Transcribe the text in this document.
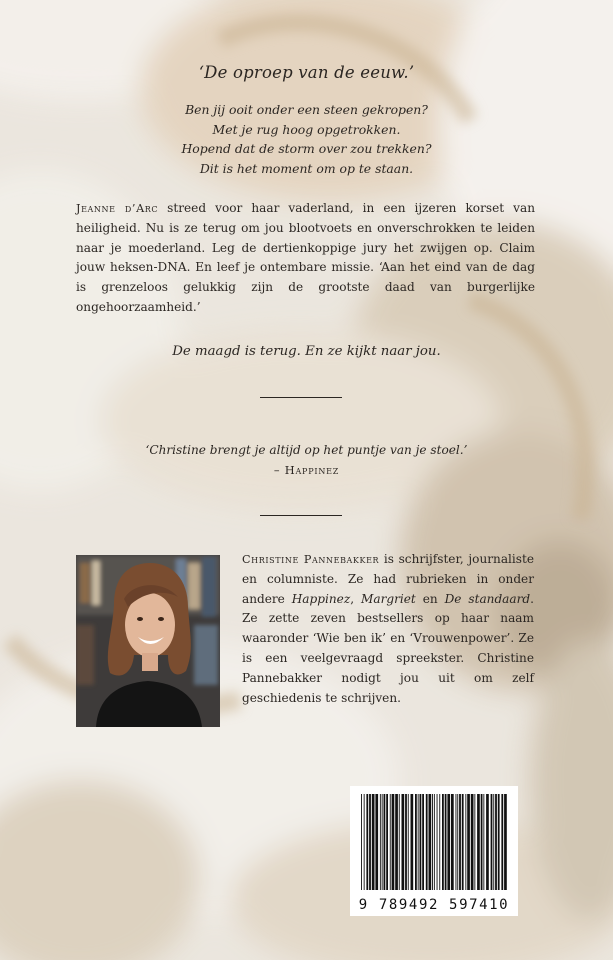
‘De oproep van de eeuw.’
Ben jij ooit onder een steen gekropen?
Met je rug hoog opgetrokken.
Hopend dat de storm over zou trekken?
Dit is het moment om op te staan.
Jeanne d’Arc streed voor haar vaderland, in een ijzeren korset van heiligheid. Nu is ze terug om jou blootvoets en onverschrokken te leiden naar je moederland. Leg de dertienkoppige jury het zwijgen op. Claim jouw heksen-DNA. En leef je ontembare missie. ‘Aan het eind van de dag is grenzeloos gelukkig zijn de grootste daad van burgerlijke ongehoorzaamheid.’
De maagd is terug. En ze kijkt naar jou.
‘Christine brengt je altijd op het puntje van je stoel.’
– Happinez
Christine Pannebakker is schrijfster, journaliste en columniste. Ze had rubrieken in onder andere Happinez, Margriet en De standaard. Ze zette zeven bestsellers op haar naam waaronder ‘Wie ben ik’ en ‘Vrouwenpower’. Ze is een veelgevraagd spreekster. Christine Pannebakker nodigt jou uit om zelf geschiedenis te schrijven.
9 789492 597410
